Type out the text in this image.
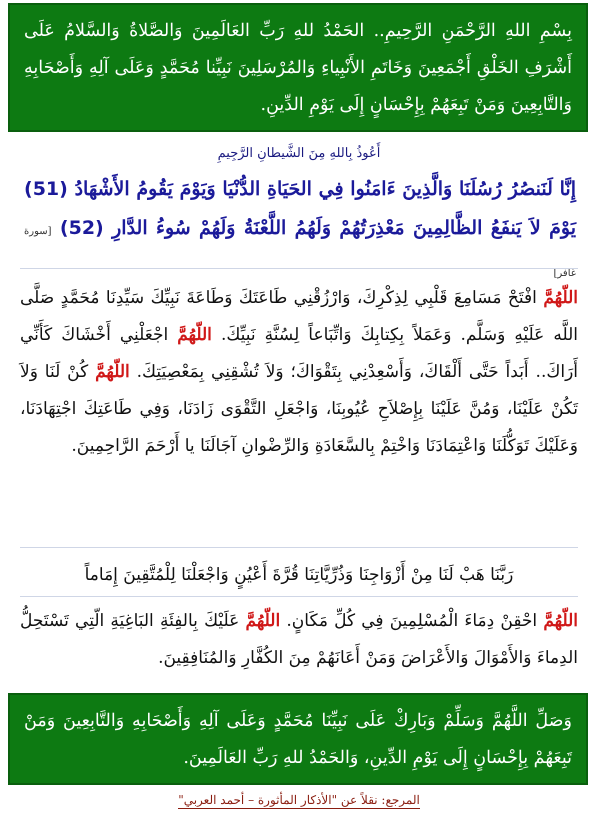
بِسْمِ اللهِ الرَّحْمَنِ الرَّحِيمِ.. الحَمْدُ للهِ رَبِّ العَالَمِينَ وَالصَّلاةُ وَالسَّلامُ عَلَى أَشْرَفِ الخَلْقِ أَجْمَعِينَ وَخَاتَمِ الأَنْبِياءِ وَالمُرْسَلِينَ نَبِيِّنا مُحَمَّدٍ وَعَلَى آلِهِ وَأَصْحَابِهِ وَالتَّابِعِينَ وَمَنْ تَبِعَهُمْ بِإِحْسَانٍ إِلَى يَوْمِ الدِّينِ.
أَعُوذُ بِاللهِ مِنَ الشَّيطانِ الرَّجِيمِ
إِنَّا لَنَنصُرُ رُسُلَنَا وَالَّذِينَ ءَامَنُوا فِي الحَيَاةِ الدُّنْيَا وَيَوْمَ يَقُومُ الأَشْهَادُ (51) يَوْمَ لاَ يَنفَعُ الظَّالِمِينَ مَعْذِرَتُهُمْ وَلَهُمُ اللَّعْنَةُ وَلَهُمْ سُوءُ الدَّارِ (52) [سورة غافر]
اللّهُمَّ افْتَحْ مَسَامِعَ قَلْبِي لِذِكْرِكَ، وَارْزُقْنِي طَاعَتَكَ وَطَاعَةَ نَبِيِّكَ سَيِّدِنَا مُحَمَّدٍ صَلَّى اللَّه عَلَيْهِ وَسَلَّم. وَعَمَلاً بِكِتابِكَ وَاتِّبَاعاً لِسُنَّةِ نَبِيِّكَ. اللّهُمَّ اجْعَلْنِي أَخْشَاكَ كَأَنِّي أَرَاكَ.. أَبَداً حَتَّى أَلْقَاكَ، وَأَسْعِدْنِي بِتَقْوَاكَ؛ وَلاَ تُشْقِنِي بِمَعْصِيَتِكَ. اللّهُمَّ كُنْ لَنَا وَلاَ تَكُنْ عَلَيْنَا، وَمُنَّ عَلَيْنَا بِإِصْلاَحِ عُيُوبِنَا، وَاجْعَلِ التَّقْوَى زَادَنَا، وَفِي طَاعَتِكَ اجْتِهَادَنَا، وَعَلَيْكَ تَوَكُّلَنَا وَاعْتِمَادَنَا وَاخْتِمْ بِالسَّعَادَةِ وَالرِّضْوانِ آجَالَنَا يا أَرْحَمَ الرَّاحِمِينَ.
رَبَّنَا هَبْ لَنَا مِنْ أَزْوَاجِنَا وَذُرِّيَّاتِنَا قُرَّةَ أَعْيُنٍ وَاجْعَلْنَا لِلْمُتَّقِينَ إِمَاماً
اللّهُمَّ احْقِنْ دِمَاءَ الْمُسْلِمِينَ فِي كُلِّ مَكَانٍ. اللّهُمَّ عَلَيْكَ بِالفِئَةِ البَاغِيَةِ الّتِي تَسْتَحِلُّ الدِماءَ وَالأَمْوَالَ وَالأَعْرَاضَ وَمَنْ أَعَانَهُمْ مِنَ الكُفَّارِ وَالمُنَافِقِينَ.
وَصَلِّ اللَّهُمَّ وَسَلِّمْ وَبَارِكْ عَلَى نَبِيِّنَا مُحَمَّدٍ وَعَلَى آلِهِ وَأَصْحَابِهِ وَالتَّابِعِينَ وَمَنْ تَبِعَهُمْ بِإِحْسَانٍ إِلَى يَوْمِ الدِّينِ، وَالحَمْدُ للهِ رَبِّ العَالَمِينَ.
المرجع: نقلاً عن "الأذكار المأثورة – أحمد العربي"
